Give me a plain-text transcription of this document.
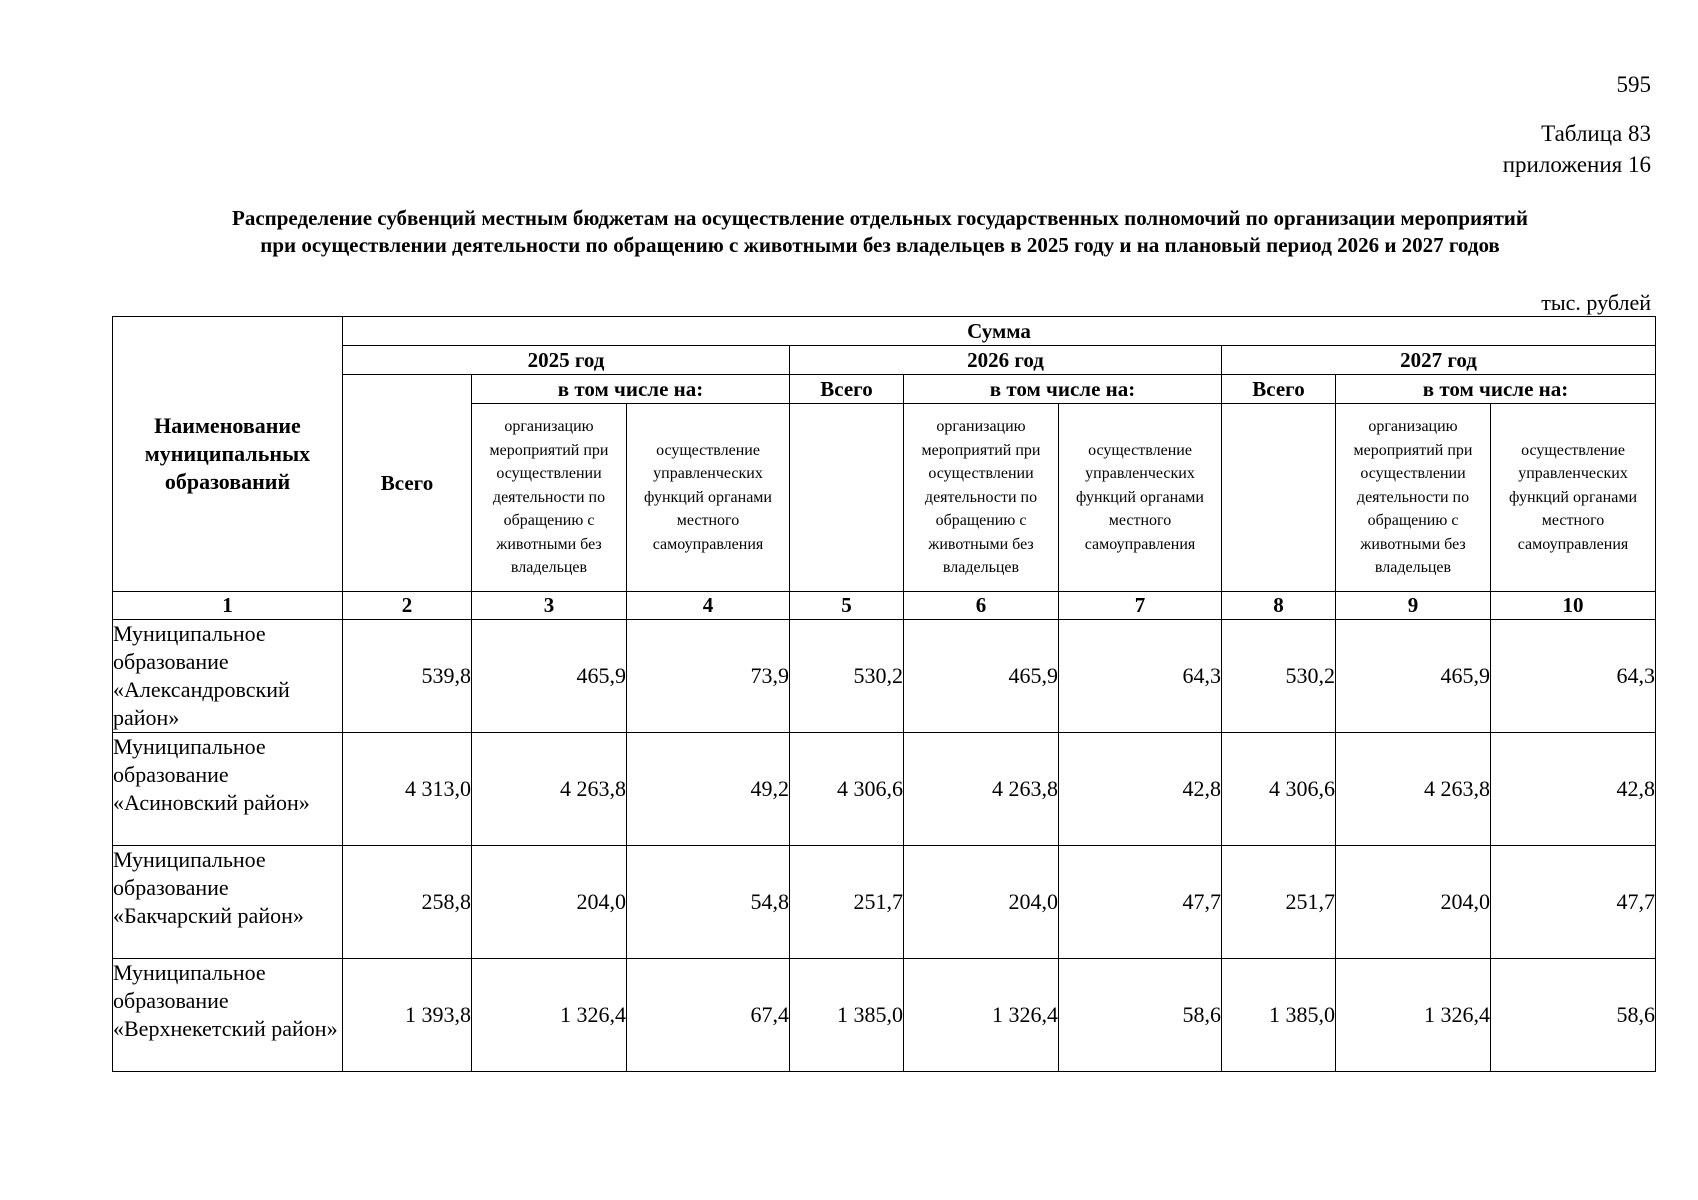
595
Таблица 83
приложения 16
Распределение субвенций местным бюджетам на осуществление отдельных государственных полномочий по организации мероприятий
при осуществлении деятельности по обращению с животными без владельцев в 2025 году и на плановый период 2026 и 2027 годов
тыс. рублей
Наименование муниципальных образований	Сумма								
	2025 год			2026 год			2027 год		
	Всего	в том числе на:		Всего	в том числе на:		Всего	в том числе на:	
		организацию мероприятий при осуществлении деятельности по обращению с животными без владельцев	осуществление управленческих функций органами местного самоуправления		организацию мероприятий при осуществлении деятельности по обращению с животными без владельцев	осуществление управленческих функций органами местного самоуправления		организацию мероприятий при осуществлении деятельности по обращению с животными без владельцев	осуществление управленческих функций органами местного самоуправления
1	2	3	4	5	6	7	8	9	10
Муниципальное образование «Александровский район»	539,8	465,9	73,9	530,2	465,9	64,3	530,2	465,9	64,3
Муниципальное образование «Асиновский район»	4 313,0	4 263,8	49,2	4 306,6	4 263,8	42,8	4 306,6	4 263,8	42,8
Муниципальное образование «Бакчарский район»	258,8	204,0	54,8	251,7	204,0	47,7	251,7	204,0	47,7
Муниципальное образование «Верхнекетский район»	1 393,8	1 326,4	67,4	1 385,0	1 326,4	58,6	1 385,0	1 326,4	58,6
